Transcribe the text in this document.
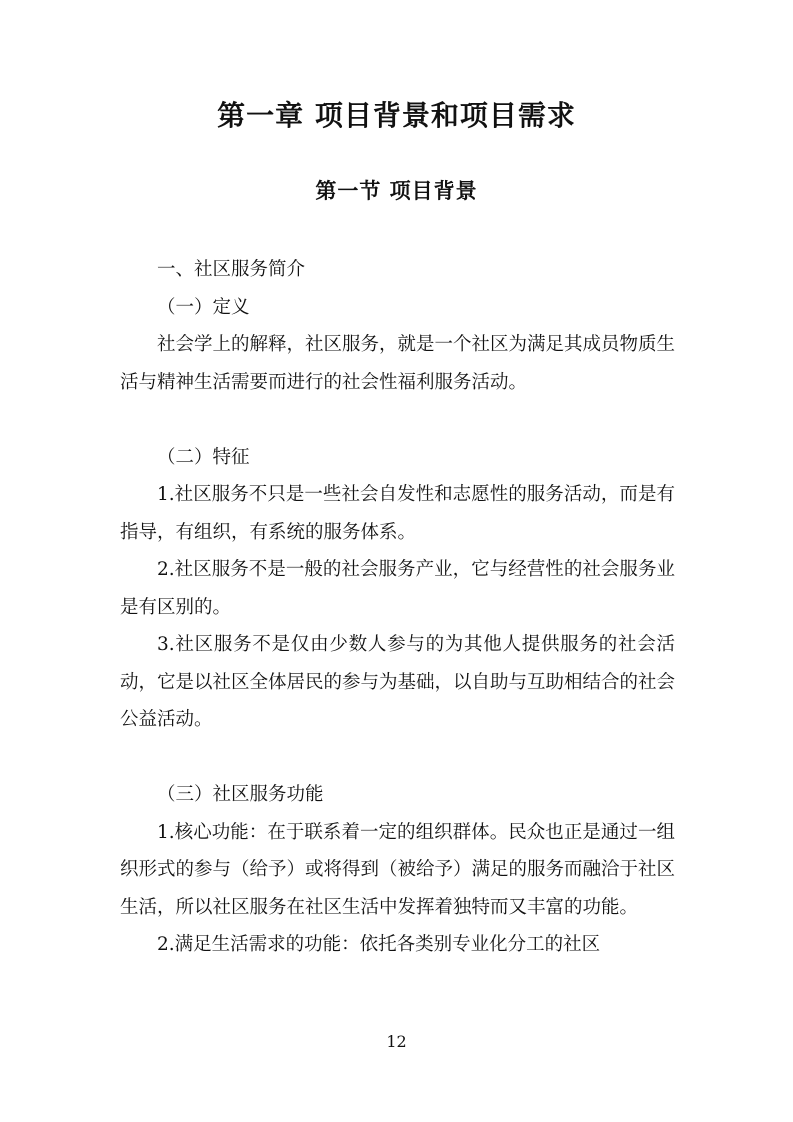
第一章 项目背景和项目需求
第一节 项目背景

一、社区服务简介

（一）定义

社会学上的解释，社区服务，就是一个社区为满足其成员物质生活与精神生活需要而进行的社会性福利服务活动。

（二）特征

1.社区服务不只是一些社会自发性和志愿性的服务活动，而是有指导，有组织，有系统的服务体系。

2.社区服务不是一般的社会服务产业，它与经营性的社会服务业是有区别的。

3.社区服务不是仅由少数人参与的为其他人提供服务的社会活动，它是以社区全体居民的参与为基础，以自助与互助相结合的社会公益活动。

（三）社区服务功能

1.核心功能：在于联系着一定的组织群体。民众也正是通过一组织形式的参与（给予）或将得到（被给予）满足的服务而融洽于社区生活，所以社区服务在社区生活中发挥着独特而又丰富的功能。

2.满足生活需求的功能：依托各类别专业化分工的社区

12
